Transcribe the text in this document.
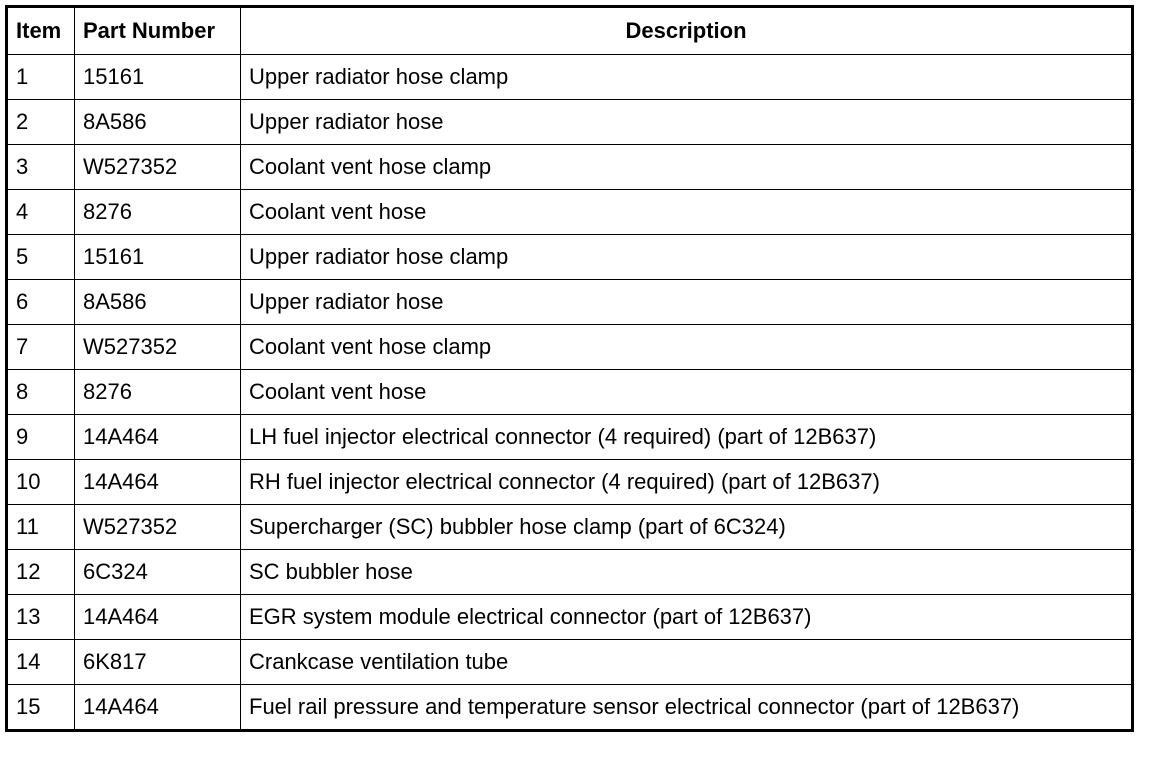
Item	Part Number	Description
1	15161	Upper radiator hose clamp
2	8A586	Upper radiator hose
3	W527352	Coolant vent hose clamp
4	8276	Coolant vent hose
5	15161	Upper radiator hose clamp
6	8A586	Upper radiator hose
7	W527352	Coolant vent hose clamp
8	8276	Coolant vent hose
9	14A464	LH fuel injector electrical connector (4 required) (part of 12B637)
10	14A464	RH fuel injector electrical connector (4 required) (part of 12B637)
11	W527352	Supercharger (SC) bubbler hose clamp (part of 6C324)
12	6C324	SC bubbler hose
13	14A464	EGR system module electrical connector (part of 12B637)
14	6K817	Crankcase ventilation tube
15	14A464	Fuel rail pressure and temperature sensor electrical connector (part of 12B637)
